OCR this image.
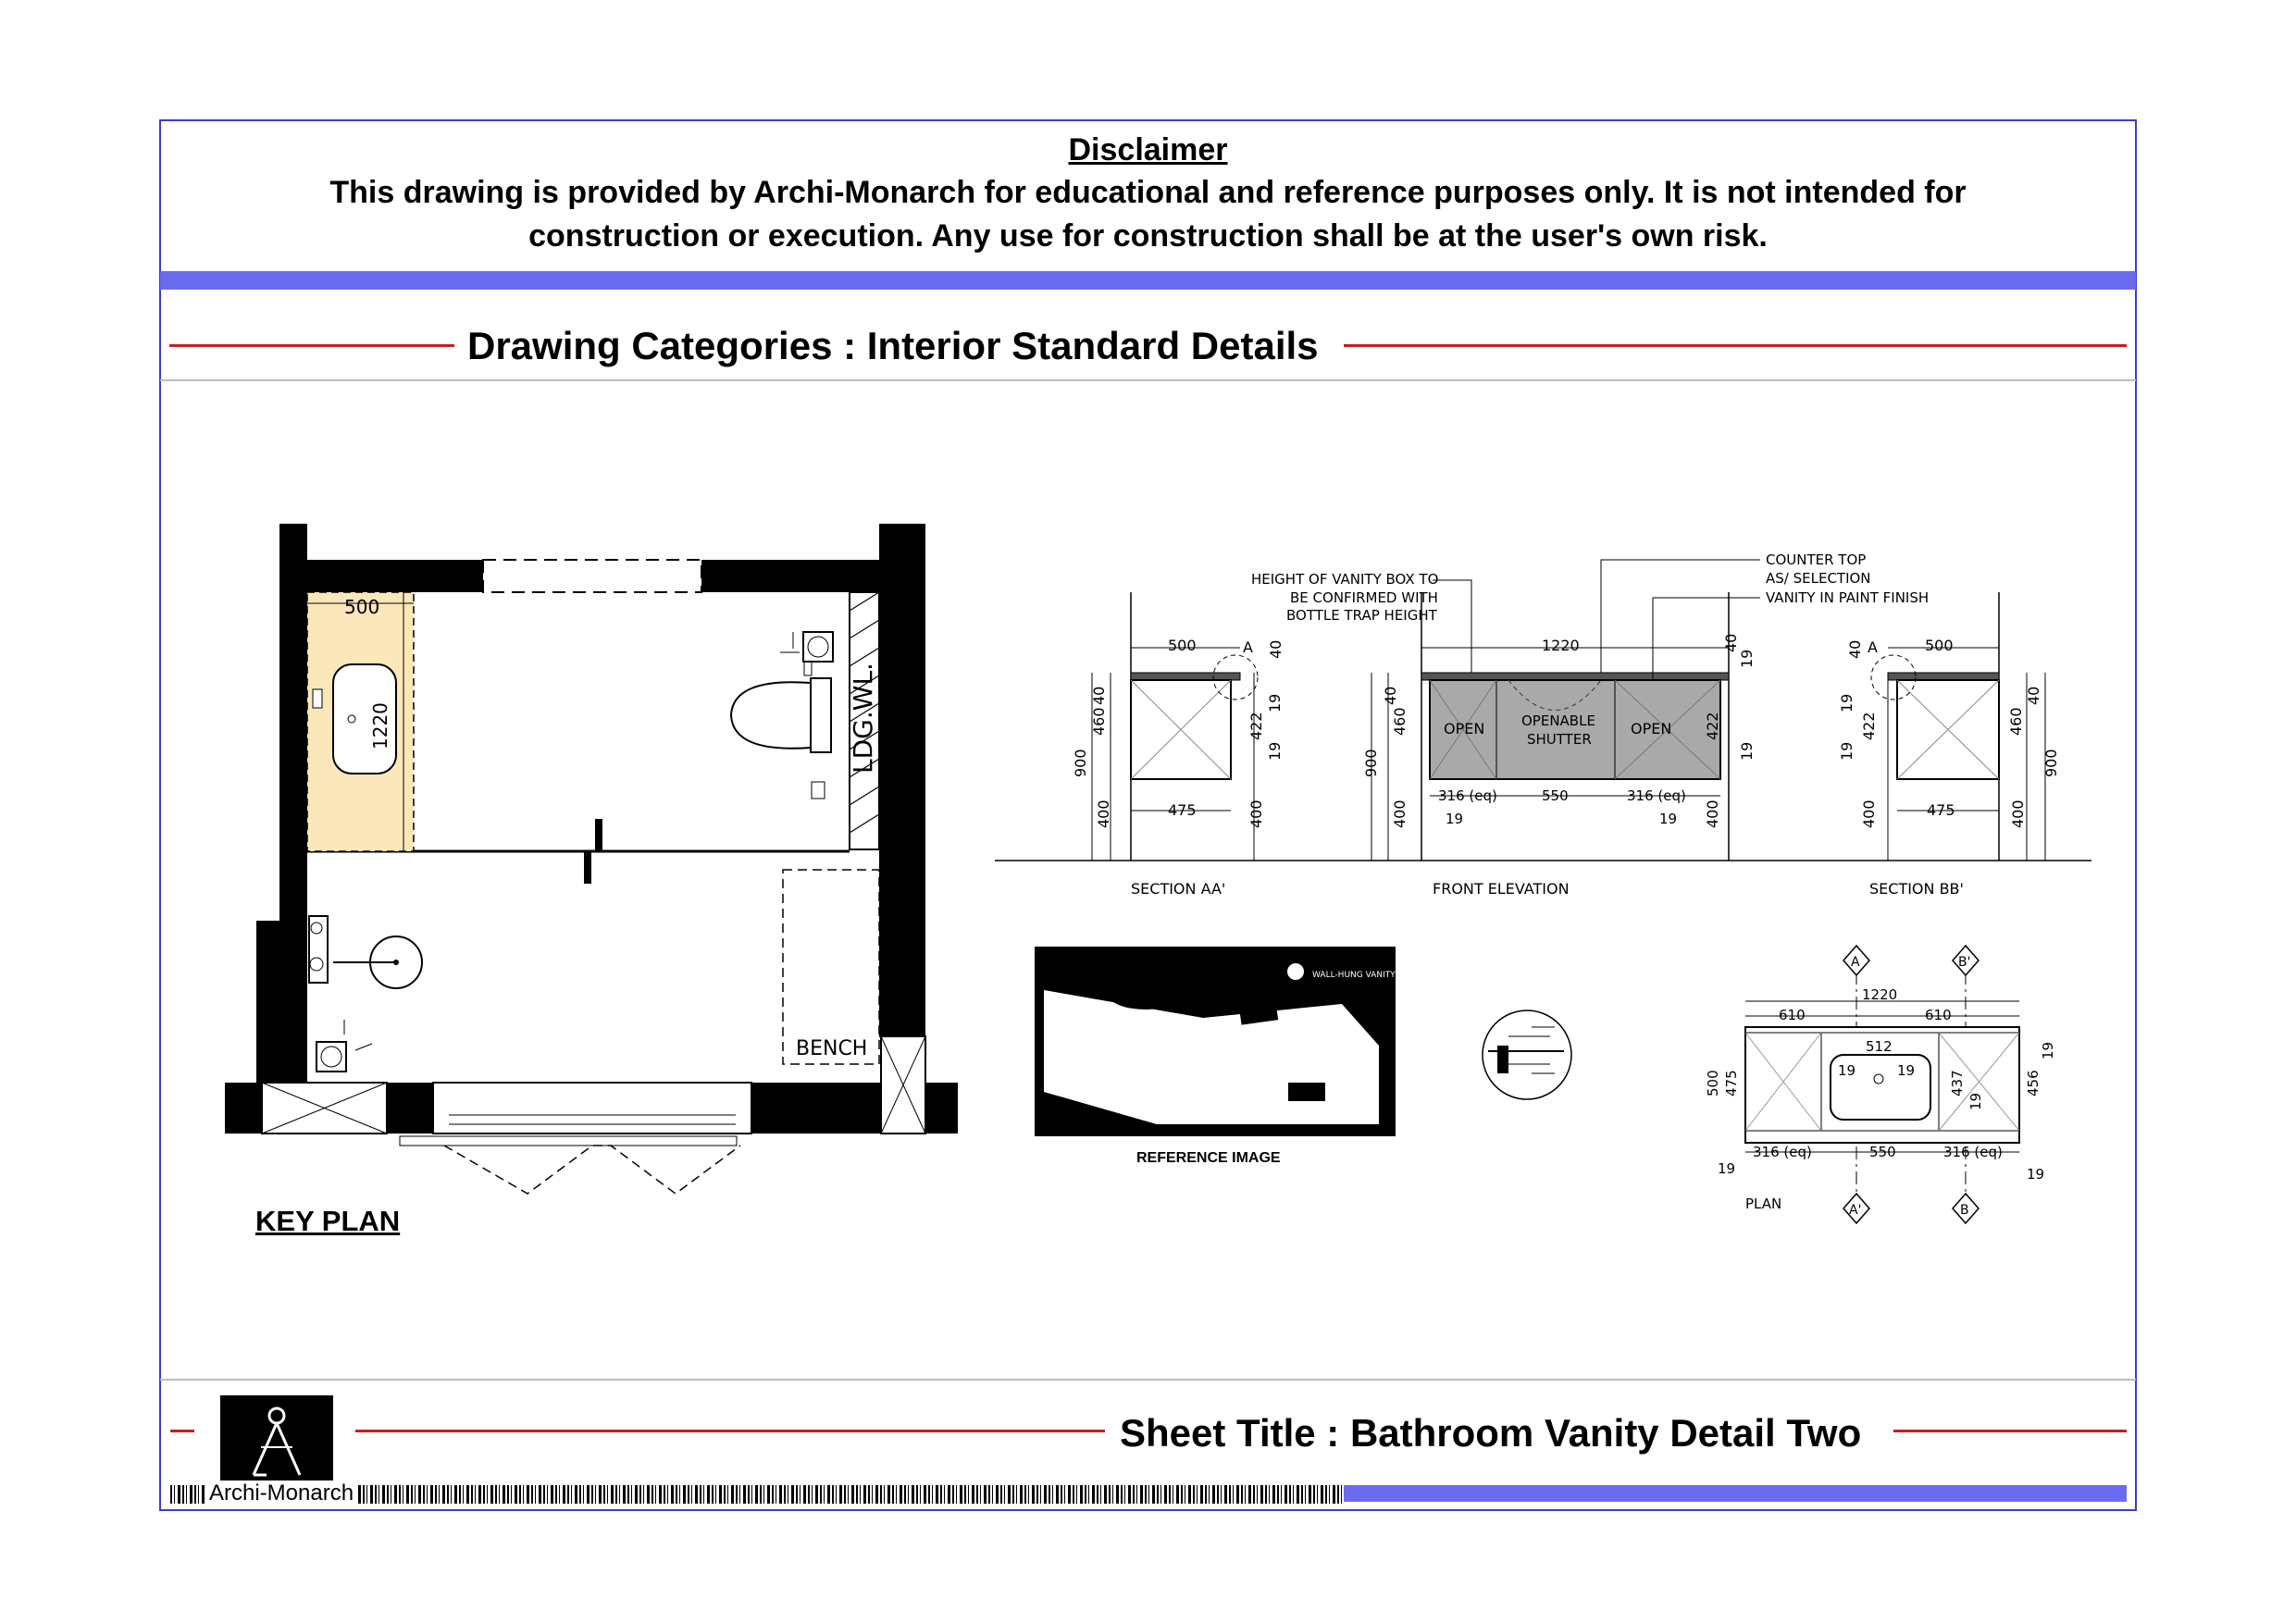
Disclaimer
This drawing is provided by Archi-Monarch for educational and reference purposes only. It is not intended for
construction or execution. Any use for construction shall be at the user's own risk.
Drawing Categories : Interior Standard Details
Sheet Title : Bathroom Vanity Detail Two
Archi-Monarch
LDG.WL.
500
1220
BENCH
500	A 40
19
422
19
400
40
460
900
400	475
SECTION AA'
OPEN	OPENABLE
SHUTTER
OPEN
1220	40
19
422
19
400
40
460
900
400
316 (eq)	550	316 (eq)
19	19
FRONT ELEVATION
HEIGHT OF VANITY BOX TO
BE CONFIRMED WITH
BOTTLE TRAP HEIGHT
COUNTER TOP
AS/ SELECTION
VANITY IN PAINT FINISH
500
A
40
19
422
19
400
40
460
900
400
475
SECTION BB'
WALL-HUNG VANITY
1220
610	610
512
19	19
500 475	437
19
456
19
316 (eq)	550	316 (eq)
19	19
A	B'
A'	B
PLAN
KEY PLAN
REFERENCE IMAGE
